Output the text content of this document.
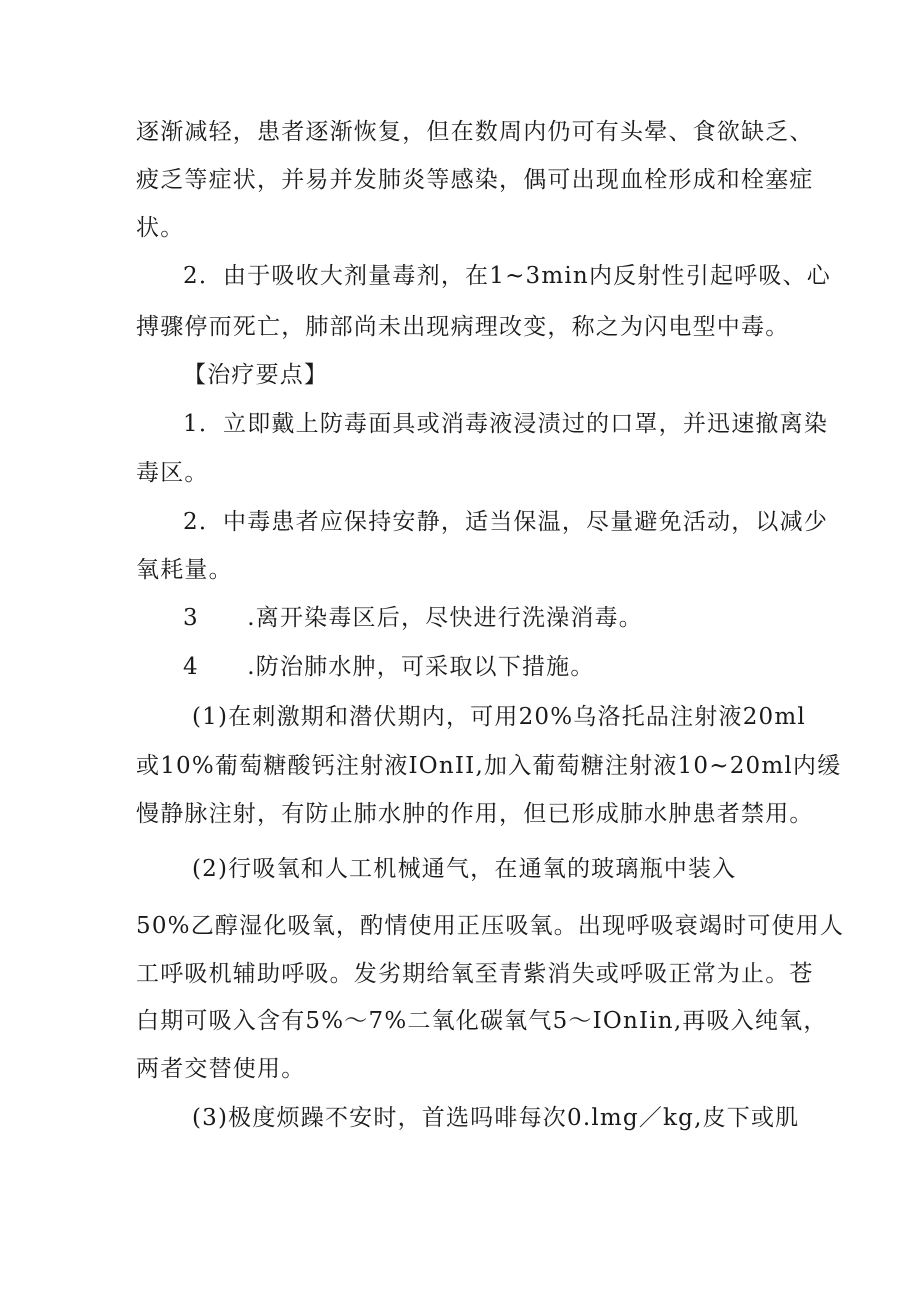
逐渐减轻，患者逐渐恢复，但在数周内仍可有头晕、食欲缺乏、
疲乏等症状，并易并发肺炎等感染，偶可出现血栓形成和栓塞症
状。
2．由于吸收大剂量毒剂，在1~3min内反射性引起呼吸、心
搏骤停而死亡，肺部尚未出现病理改变，称之为闪电型中毒。
【治疗要点】
1．立即戴上防毒面具或消毒液浸渍过的口罩，并迅速撤离染
毒区。
2．中毒患者应保持安静，适当保温，尽量避免活动，以减少
氧耗量。
3　　.离开染毒区后，尽快进行洗澡消毒。
4　　.防治肺水肿，可采取以下措施。
(1)在刺激期和潜伏期内，可用20%乌洛托品注射液20ml
或10%葡萄糖酸钙注射液IOnII,加入葡萄糖注射液10~20ml内缓
慢静脉注射，有防止肺水肿的作用，但已形成肺水肿患者禁用。
(2)行吸氧和人工机械通气，在通氧的玻璃瓶中装入
50%乙醇湿化吸氧，酌情使用正压吸氧。出现呼吸衰竭时可使用人
工呼吸机辅助呼吸。发劣期给氧至青紫消失或呼吸正常为止。苍
白期可吸入含有5%～7%二氧化碳氧气5～IOnIin,再吸入纯氧，
两者交替使用。
(3)极度烦躁不安时，首选吗啡每次0.lmg／kg,皮下或肌
